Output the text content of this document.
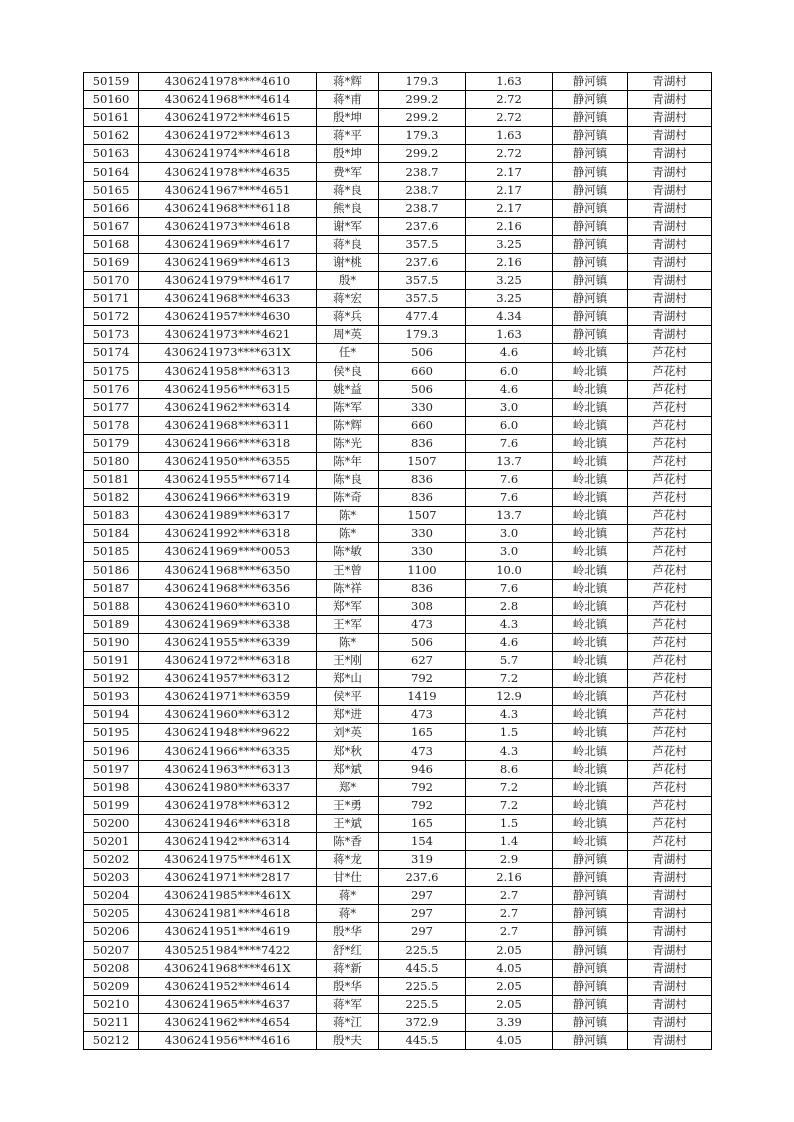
50159	4306241978****4610	蒋*辉	179.3	1.63	静河镇	青湖村
50160	4306241968****4614	蒋*甫	299.2	2.72	静河镇	青湖村
50161	4306241972****4615	殷*坤	299.2	2.72	静河镇	青湖村
50162	4306241972****4613	蒋*平	179.3	1.63	静河镇	青湖村
50163	4306241974****4618	殷*坤	299.2	2.72	静河镇	青湖村
50164	4306241978****4635	费*军	238.7	2.17	静河镇	青湖村
50165	4306241967****4651	蒋*良	238.7	2.17	静河镇	青湖村
50166	4306241968****6118	熊*良	238.7	2.17	静河镇	青湖村
50167	4306241973****4618	谢*军	237.6	2.16	静河镇	青湖村
50168	4306241969****4617	蒋*良	357.5	3.25	静河镇	青湖村
50169	4306241969****4613	谢*桃	237.6	2.16	静河镇	青湖村
50170	4306241979****4617	殷*	357.5	3.25	静河镇	青湖村
50171	4306241968****4633	蒋*宏	357.5	3.25	静河镇	青湖村
50172	4306241957****4630	蒋*兵	477.4	4.34	静河镇	青湖村
50173	4306241973****4621	周*英	179.3	1.63	静河镇	青湖村
50174	4306241973****631X	任*	506	4.6	岭北镇	芦花村
50175	4306241958****6313	侯*良	660	6.0	岭北镇	芦花村
50176	4306241956****6315	姚*益	506	4.6	岭北镇	芦花村
50177	4306241962****6314	陈*军	330	3.0	岭北镇	芦花村
50178	4306241968****6311	陈*辉	660	6.0	岭北镇	芦花村
50179	4306241966****6318	陈*光	836	7.6	岭北镇	芦花村
50180	4306241950****6355	陈*年	1507	13.7	岭北镇	芦花村
50181	4306241955****6714	陈*良	836	7.6	岭北镇	芦花村
50182	4306241966****6319	陈*奇	836	7.6	岭北镇	芦花村
50183	4306241989****6317	陈*	1507	13.7	岭北镇	芦花村
50184	4306241992****6318	陈*	330	3.0	岭北镇	芦花村
50185	4306241969****0053	陈*敏	330	3.0	岭北镇	芦花村
50186	4306241968****6350	王*曾	1100	10.0	岭北镇	芦花村
50187	4306241968****6356	陈*祥	836	7.6	岭北镇	芦花村
50188	4306241960****6310	郑*军	308	2.8	岭北镇	芦花村
50189	4306241969****6338	王*军	473	4.3	岭北镇	芦花村
50190	4306241955****6339	陈*	506	4.6	岭北镇	芦花村
50191	4306241972****6318	王*刚	627	5.7	岭北镇	芦花村
50192	4306241957****6312	郑*山	792	7.2	岭北镇	芦花村
50193	4306241971****6359	侯*平	1419	12.9	岭北镇	芦花村
50194	4306241960****6312	郑*进	473	4.3	岭北镇	芦花村
50195	4306241948****9622	刘*英	165	1.5	岭北镇	芦花村
50196	4306241966****6335	郑*秋	473	4.3	岭北镇	芦花村
50197	4306241963****6313	郑*斌	946	8.6	岭北镇	芦花村
50198	4306241980****6337	郑*	792	7.2	岭北镇	芦花村
50199	4306241978****6312	王*勇	792	7.2	岭北镇	芦花村
50200	4306241946****6318	王*斌	165	1.5	岭北镇	芦花村
50201	4306241942****6314	陈*香	154	1.4	岭北镇	芦花村
50202	4306241975****461X	蒋*龙	319	2.9	静河镇	青湖村
50203	4306241971****2817	甘*仕	237.6	2.16	静河镇	青湖村
50204	4306241985****461X	蒋*	297	2.7	静河镇	青湖村
50205	4306241981****4618	蒋*	297	2.7	静河镇	青湖村
50206	4306241951****4619	殷*华	297	2.7	静河镇	青湖村
50207	4305251984****7422	舒*红	225.5	2.05	静河镇	青湖村
50208	4306241968****461X	蒋*新	445.5	4.05	静河镇	青湖村
50209	4306241952****4614	殷*华	225.5	2.05	静河镇	青湖村
50210	4306241965****4637	蒋*军	225.5	2.05	静河镇	青湖村
50211	4306241962****4654	蒋*江	372.9	3.39	静河镇	青湖村
50212	4306241956****4616	殷*夫	445.5	4.05	静河镇	青湖村
